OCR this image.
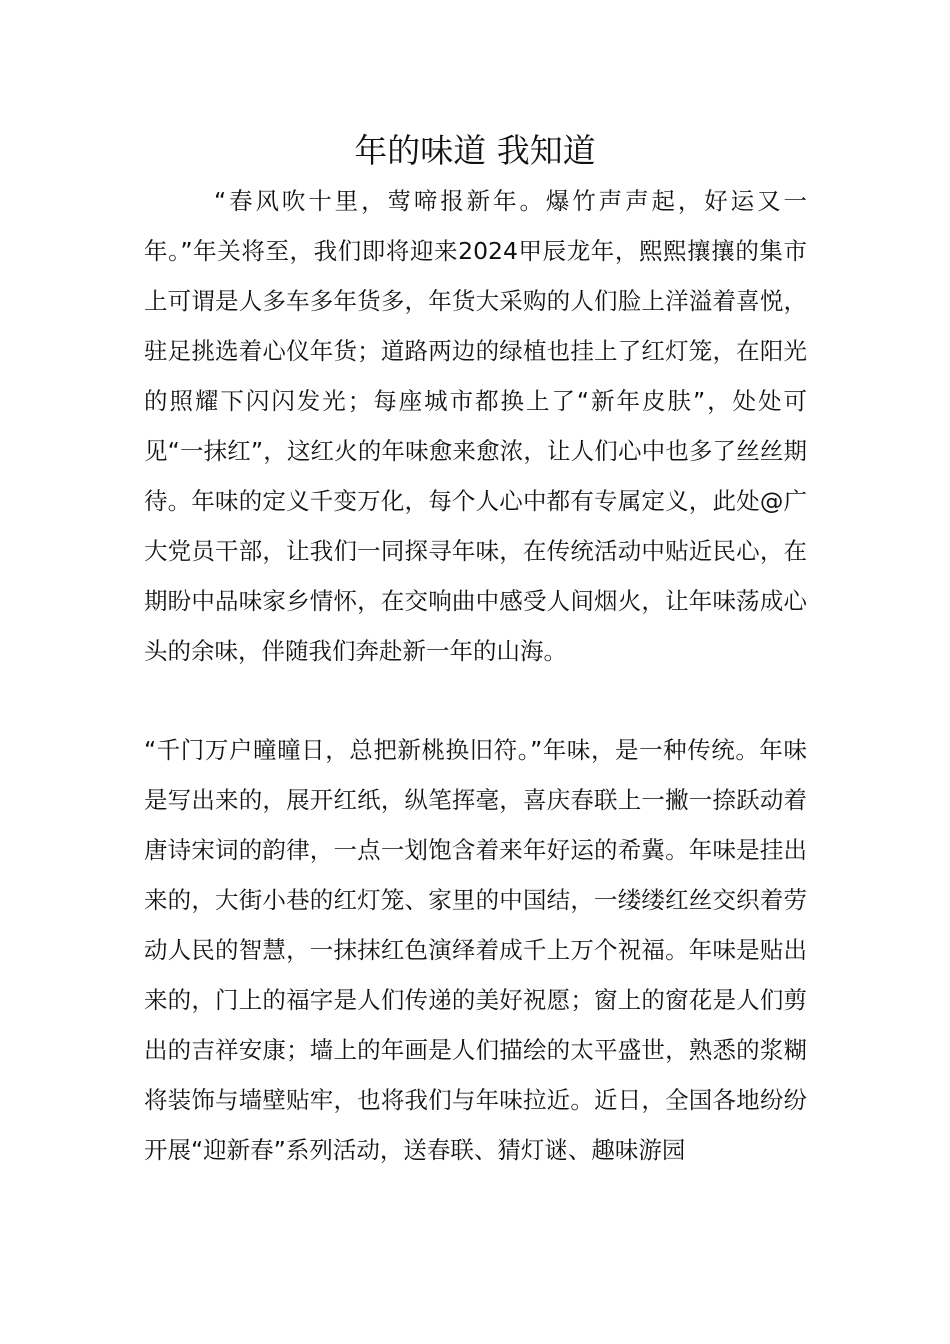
年的味道 我知道

“春风吹十里，莺啼报新年。爆竹声声起，好运又一年。”年关将至，我们即将迎来2024甲辰龙年，熙熙攘攘的集市上可谓是人多车多年货多，年货大采购的人们脸上洋溢着喜悦，驻足挑选着心仪年货；道路两边的绿植也挂上了红灯笼，在阳光的照耀下闪闪发光；每座城市都换上了“新年皮肤”，处处可见“一抹红”，这红火的年味愈来愈浓，让人们心中也多了丝丝期待。年味的定义千变万化，每个人心中都有专属定义，此处@广大党员干部，让我们一同探寻年味，在传统活动中贴近民心，在期盼中品味家乡情怀，在交响曲中感受人间烟火，让年味荡成心头的余味，伴随我们奔赴新一年的山海。

“千门万户曈曈日，总把新桃换旧符。”年味，是一种传统。年味是写出来的，展开红纸，纵笔挥毫，喜庆春联上一撇一捺跃动着唐诗宋词的韵律，一点一划饱含着来年好运的希冀。年味是挂出来的，大街小巷的红灯笼、家里的中国结，一缕缕红丝交织着劳动人民的智慧，一抹抹红色演绎着成千上万个祝福。年味是贴出来的，门上的福字是人们传递的美好祝愿；窗上的窗花是人们剪出的吉祥安康；墙上的年画是人们描绘的太平盛世，熟悉的浆糊将装饰与墙壁贴牢，也将我们与年味拉近。近日，全国各地纷纷开展“迎新春”系列活动，送春联、猜灯谜、趣味游园
